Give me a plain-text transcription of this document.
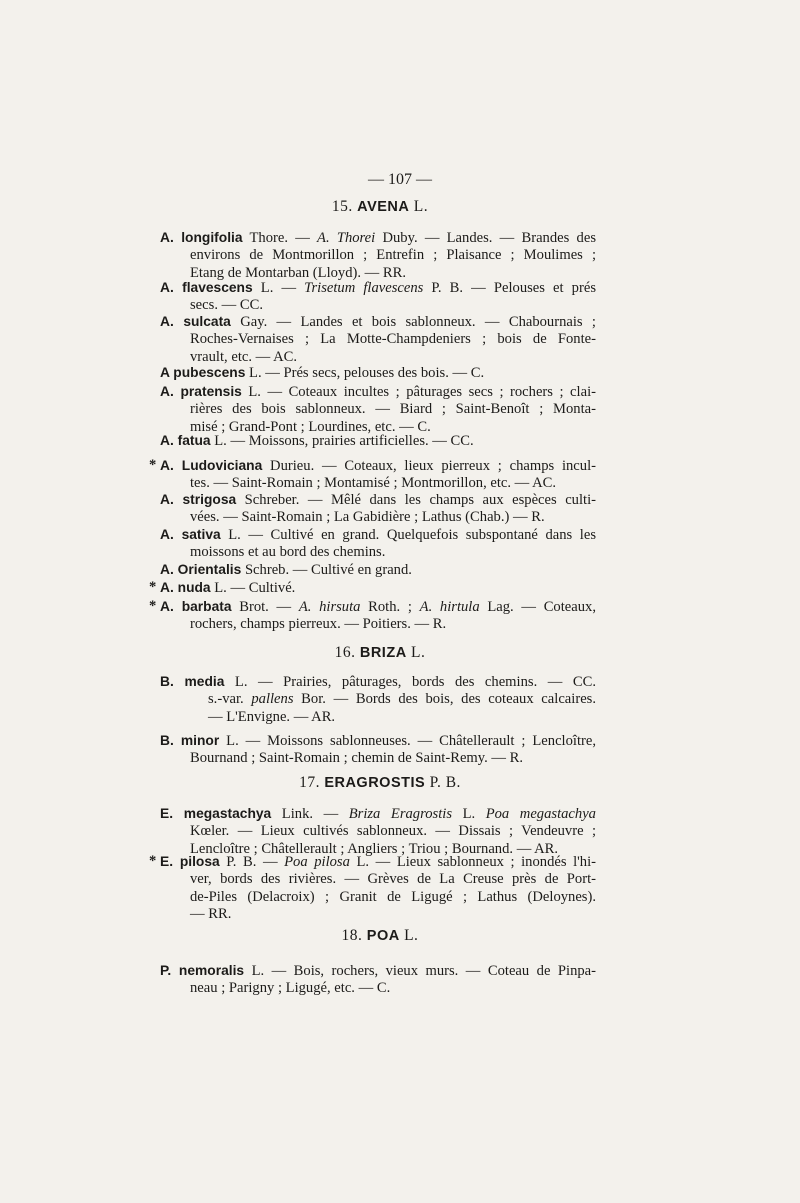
— 107 —
15. AVENA L.
16. BRIZA L.
17. ERAGROSTIS P. B.
18. POA L.
A. longifolia Thore. — A. Thorei Duby. — Landes. — Brandes des
environs de Montmorillon ; Entrefin ; Plaisance ; Moulimes ;
Etang de Montarban (Lloyd). — RR.
A. flavescens L. — Trisetum flavescens P. B. — Pelouses et prés
secs. — CC.
A. sulcata Gay. — Landes et bois sablonneux. — Chabournais ;
Roches-Vernaises ; La Motte-Champdeniers ; bois de Fonte-
vrault, etc. — AC.
A pubescens L. — Prés secs, pelouses des bois. — C.
A. pratensis L. — Coteaux incultes ; pâturages secs ; rochers ; clai-
rières des bois sablonneux. — Biard ; Saint-Benoît ; Monta-
misé ; Grand-Pont ; Lourdines, etc. — C.
A. fatua L. — Moissons, prairies artificielles. — CC.
* A. Ludoviciana Durieu. — Coteaux, lieux pierreux ; champs incul-
tes. — Saint-Romain ; Montamisé ; Montmorillon, etc. — AC.
A. strigosa Schreber. — Mêlé dans les champs aux espèces culti-
vées. — Saint-Romain ; La Gabidière ; Lathus (Chab.) — R.
A. sativa L. — Cultivé en grand. Quelquefois subspontané dans les
moissons et au bord des chemins.
A. Orientalis Schreb. — Cultivé en grand.
* A. nuda L. — Cultivé.
* A. barbata Brot. — A. hirsuta Roth. ; A. hirtula Lag. — Coteaux,
rochers, champs pierreux. — Poitiers. — R.
B. media L. — Prairies, pâturages, bords des chemins. — CC.
s.-var. pallens Bor. — Bords des bois, des coteaux calcaires.
— L'Envigne. — AR.
B. minor L. — Moissons sablonneuses. — Châtellerault ; Lencloître,
Bournand ; Saint-Romain ; chemin de Saint-Remy. — R.
E. megastachya Link. — Briza Eragrostis L. Poa megastachya
Kœler. — Lieux cultivés sablonneux. — Dissais ; Vendeuvre ;
Lencloître ; Châtellerault ; Angliers ; Triou ; Bournand. — AR.
* E. pilosa P. B. — Poa pilosa L. — Lieux sablonneux ; inondés l'hi-
ver, bords des rivières. — Grèves de La Creuse près de Port-
de-Piles (Delacroix) ; Granit de Ligugé ; Lathus (Deloynes).
— RR.
P. nemoralis L. — Bois, rochers, vieux murs. — Coteau de Pinpa-
neau ; Parigny ; Ligugé, etc. — C.
